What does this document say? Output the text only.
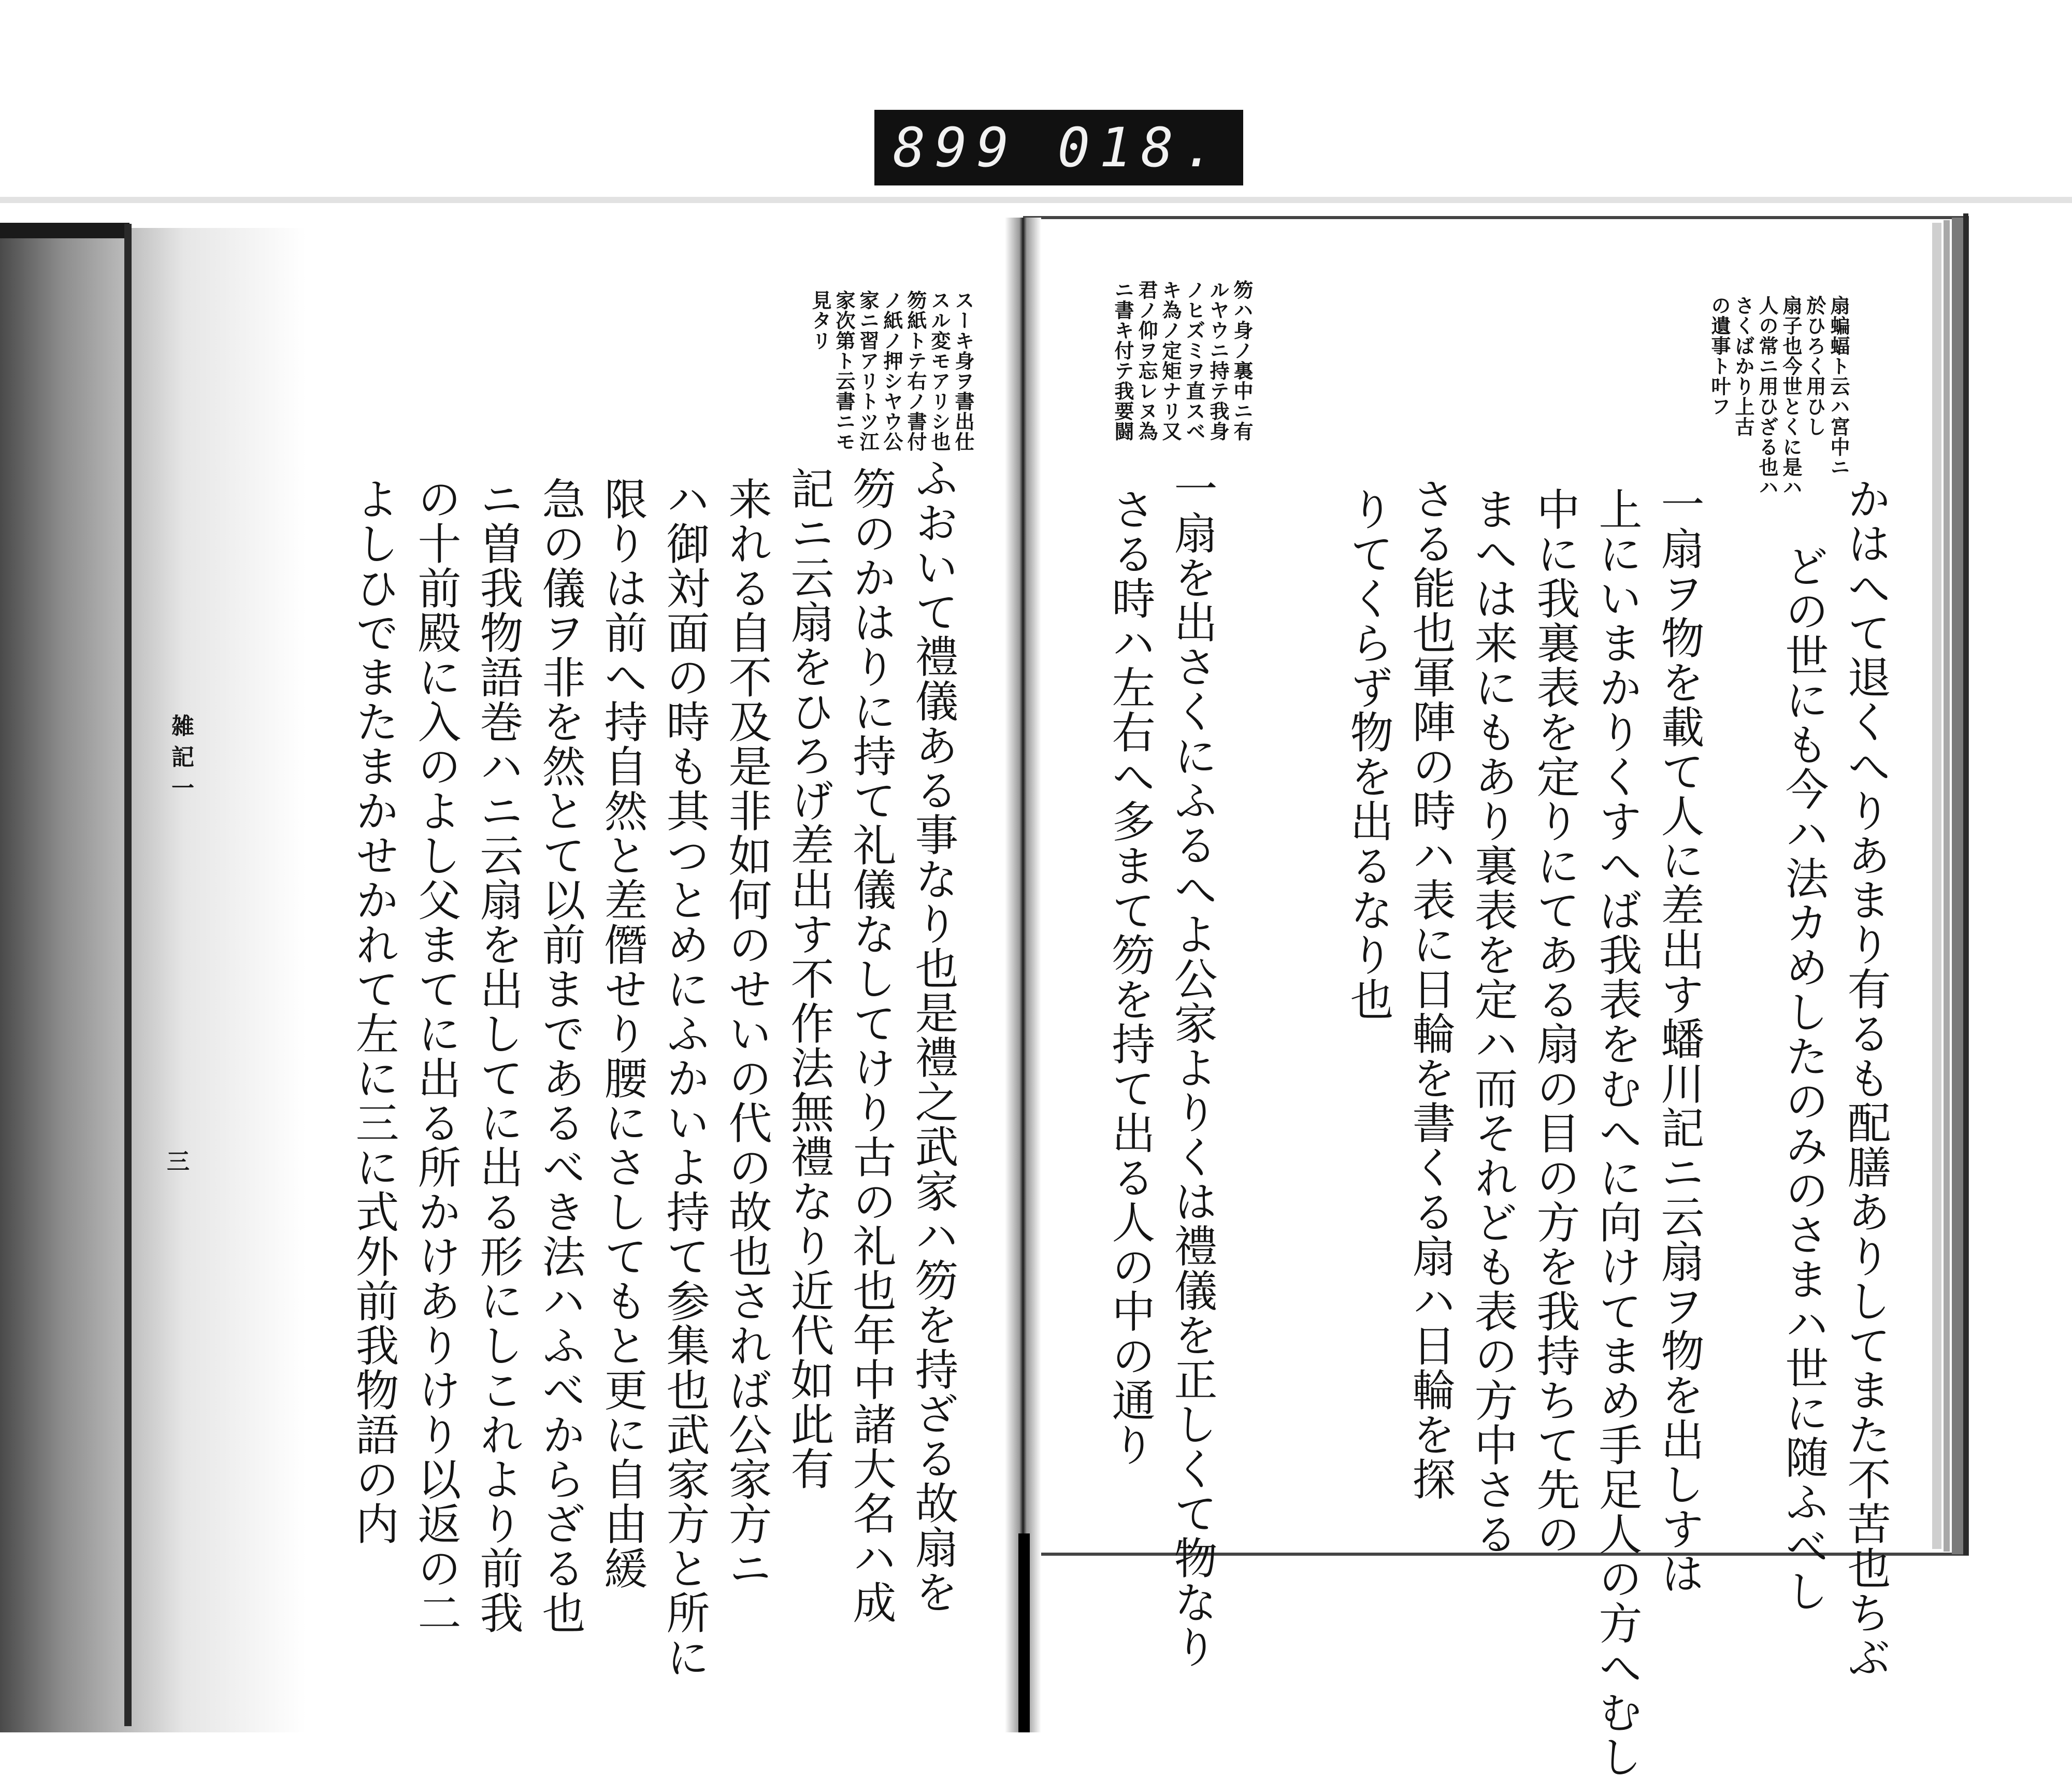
899 018.
扇蝙蝠ト云ハ宮中ニ
於ひろく用ひし
扇子也今世とくに是ハ
人の常ニ用ひざる也ハ
さくばかり上古
の遺事ト叶フ
かはへて退くへりあまり有るも配膳ありしてまた不苦也ちぶ
どの世にも今ハ法カめしたのみのさまハ世に随ふべし
一扇ヲ物を載て人に差出す蟠川記ニ云扇ヲ物を出しすは
上にいまかりくすへば我表をむへに向けてまめ手足人の方へむし
中に我裏表を定りにてある扇の目の方を我持ちて先の
まへは来にもあり裏表を定ハ而それども表の方中さる
さる能也軍陣の時ハ表に日輪を書くる扇ハ日輪を探
りてくらず物を出るなり也
笏ハ身ノ裏中ニ有
ルヤウニ持テ我身
ノヒズミヲ直スベ
キ為ノ定矩ナリ又
君ノ仰ヲ忘レヌ為
ニ書キ付テ我要闘
一扇を出さくにふるへよ公家よりくは禮儀を正しくて物なり
さる時ハ左右へ多まて笏を持て出る人の中の通り
スーキ身ヲ書出仕
スル変モアリシ也
笏紙トテ右ノ書付
ノ紙ノ押シヤウ公
家ニ習アリトツ江
家次第ト云書ニモ
見タリ
ふおいて禮儀ある事なり也是禮之武家ハ笏を持ざる故扇を
笏のかはりに持て礼儀なしてけり古の礼也年中諸大名ハ成
記ニ云扇をひろげ差出す不作法無禮なり近代如此有
来れる自不及是非如何のせいの代の故也されば公家方ニ
ハ御対面の時も其つとめにふかいよ持て参集也武家方と所に
限りは前へ持自然と差僭せり腰にさしてもと更に自由緩
急の儀ヲ非を然とて以前まであるべき法ハふべからざる也
ニ曽我物語巻ハニ云扇を出してに出る形にしこれより前我
の十前殿に入のよし父まてに出る所かけありけり以返の二
よしひでまたまかせかれて左に三に式外前我物語の内
雑記一
三
